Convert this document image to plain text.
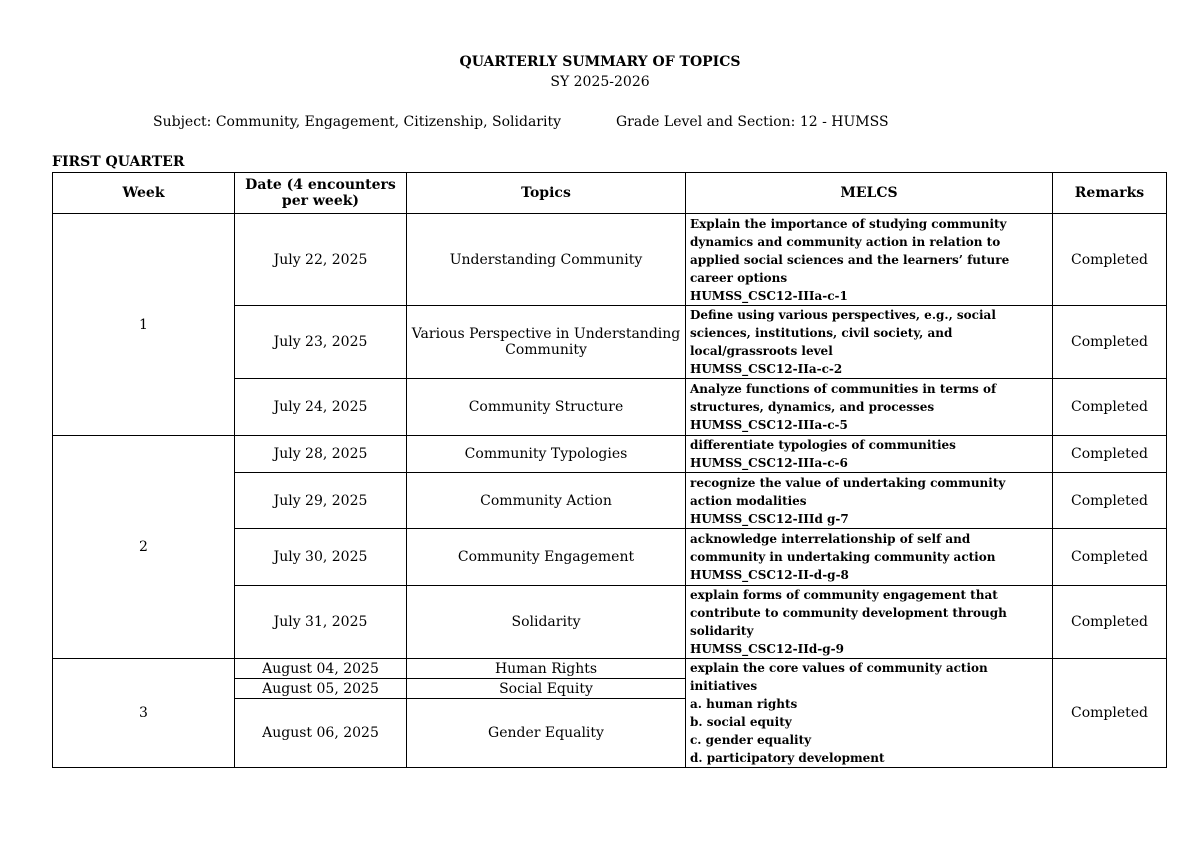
QUARTERLY SUMMARY OF TOPICS
SY 2025-2026
Subject: Community, Engagement, Citizenship, Solidarity	Grade Level and Section: 12 - HUMSS
FIRST QUARTER
Week	Date (4 encounters per week)	Topics	MELCS	Remarks
1	July 22, 2025	Understanding Community	Explain the importance of studying community dynamics and community action in relation to applied social sciences and the learners’ future career options
HUMSS_CSC12-IIIa-c-1	Completed
	July 23, 2025	Various Perspective in Understanding Community	Define using various perspectives, e.g., social sciences, institutions, civil society, and local/grassroots level
HUMSS_CSC12-IIa-c-2	Completed
	July 24, 2025	Community Structure	Analyze functions of communities in terms of structures, dynamics, and processes
HUMSS_CSC12-IIIa-c-5	Completed
2	July 28, 2025	Community Typologies	differentiate typologies of communities
HUMSS_CSC12-IIIa-c-6	Completed
	July 29, 2025	Community Action	recognize the value of undertaking community action modalities
HUMSS_CSC12-IIId g-7	Completed
	July 30, 2025	Community Engagement	acknowledge interrelationship of self and community in undertaking community action
HUMSS_CSC12-II-d-g-8	Completed
	July 31, 2025	Solidarity	explain forms of community engagement that contribute to community development through solidarity
HUMSS_CSC12-IId-g-9	Completed
3	August 04, 2025	Human Rights	explain the core values of community action initiatives
a. human rights
b. social equity
c. gender equality
d. participatory development	Completed
	August 05, 2025	Social Equity		
	August 06, 2025	Gender Equality		
